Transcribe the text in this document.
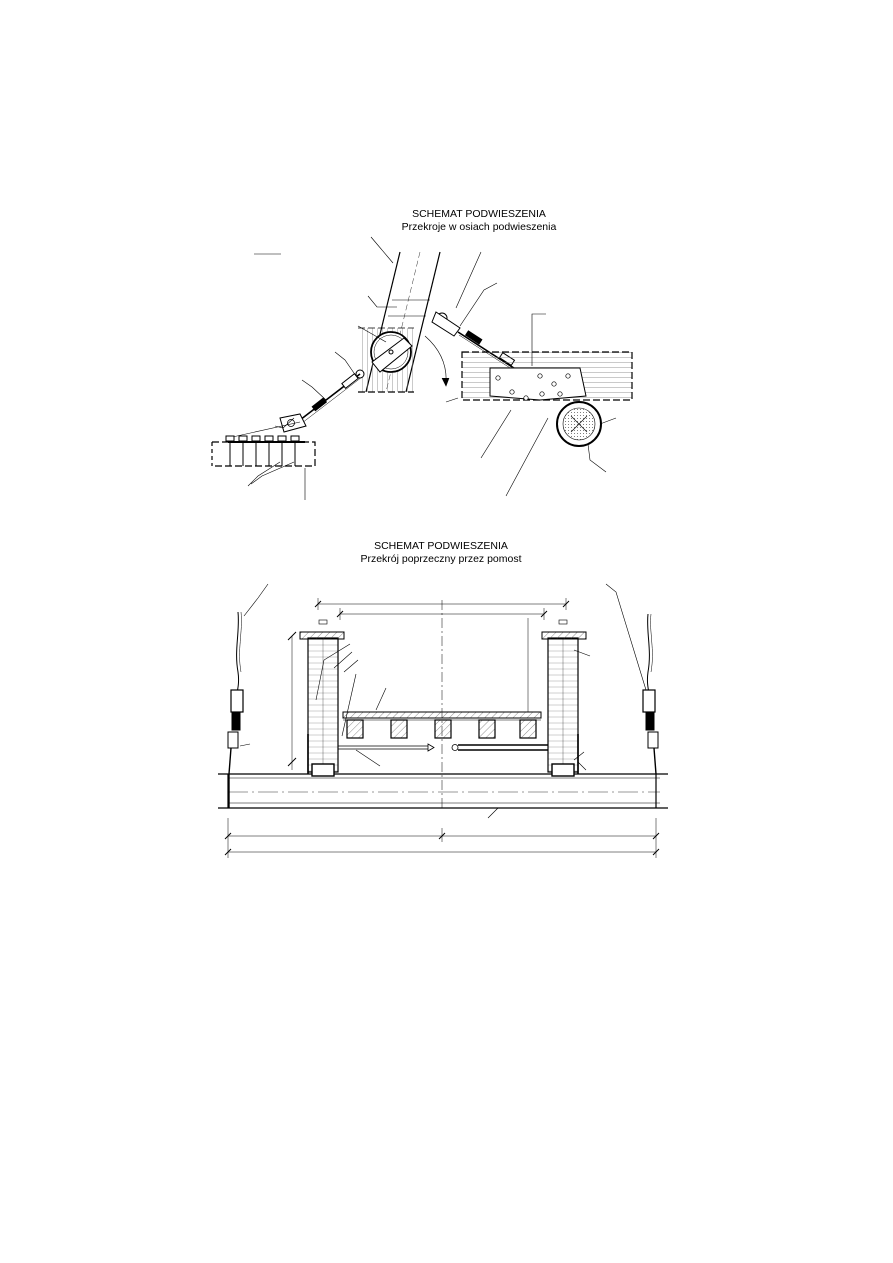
SCHEMAT PODWIESZENIA
Przekroje w osiach podwieszenia
SCHEMAT PODWIESZENIA
Przekrój poprzeczny przez pomost
